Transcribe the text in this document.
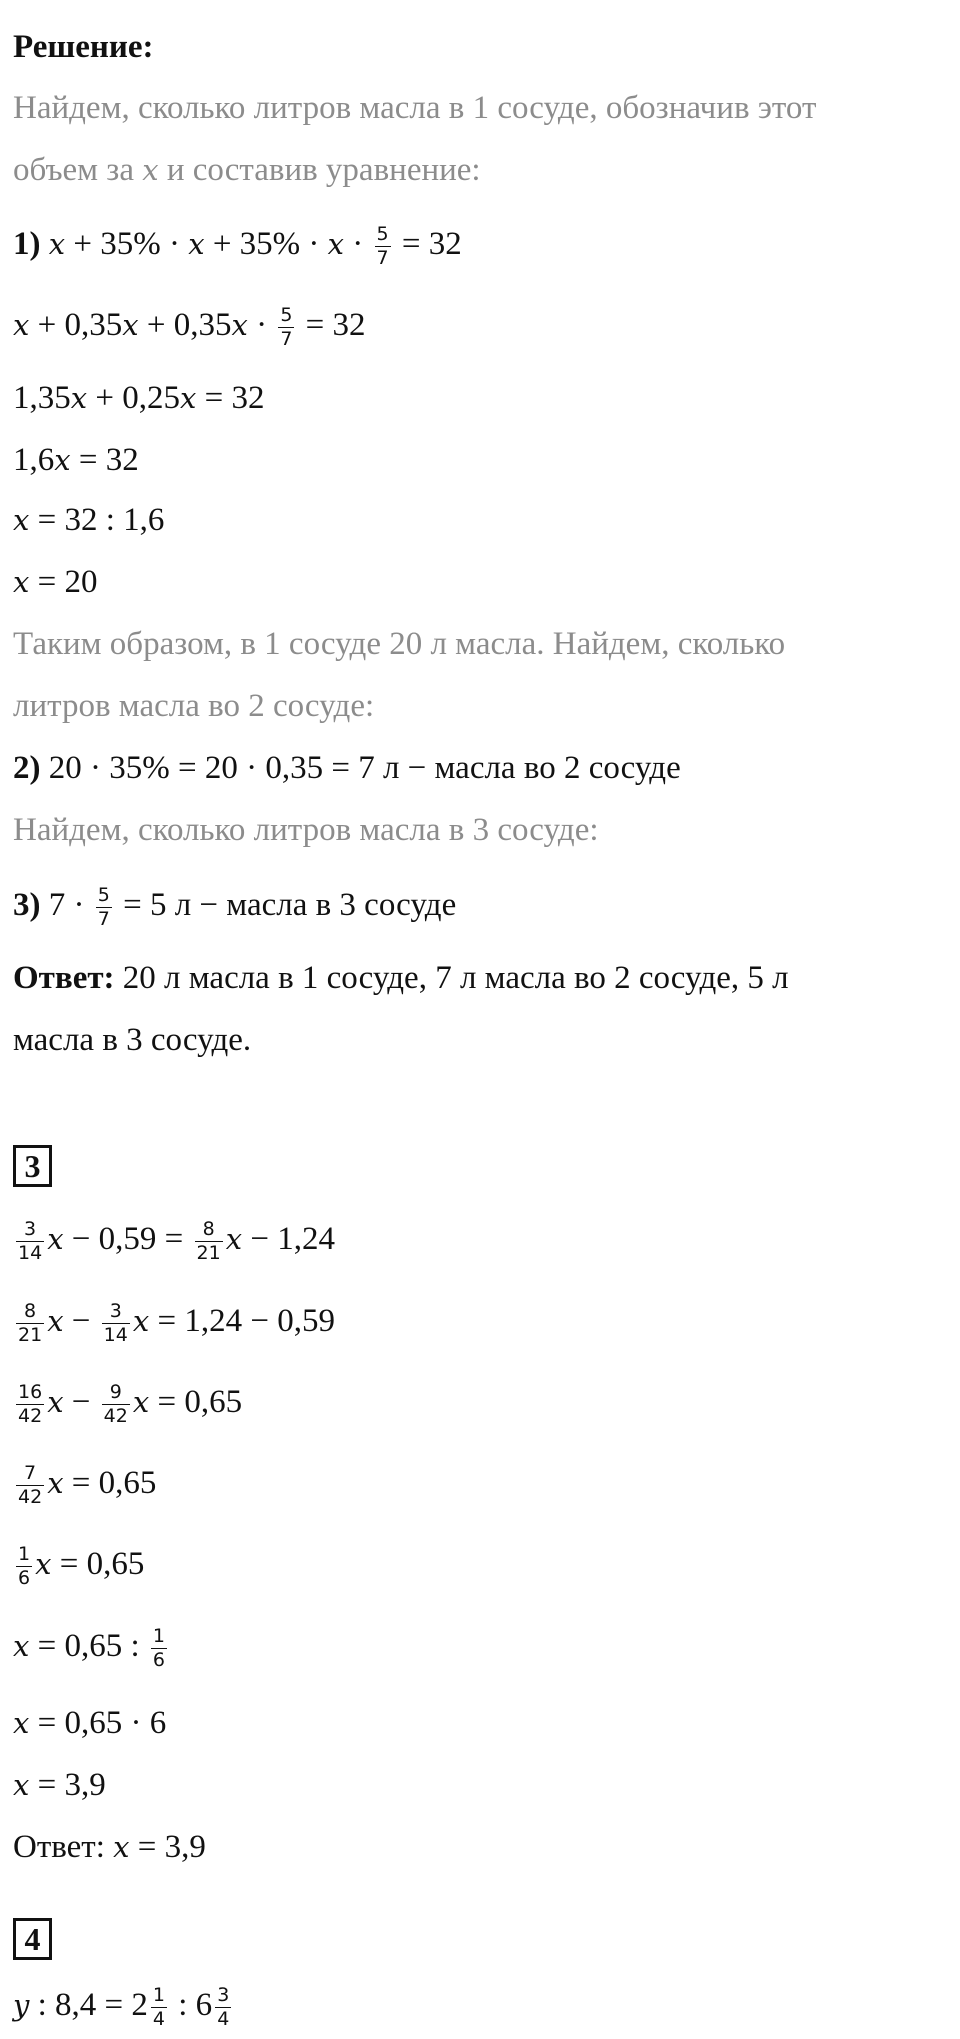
Решение:
Найдем, сколько литров масла в 1 сосуде, обозначив этот
объем за x и составив уравнение:
1) $x + 35\% \cdot x + 35\% \cdot x \cdot \frac{5}{7} = 32$
$x + 0,35x + 0,35x \cdot \frac{5}{7} = 32$
1,35x + 0,25x = 32
1,6x = 32
x = 32 : 1,6
x = 20
Таким образом, в 1 сосуде 20 л масла. Найдем, сколько
литров масла во 2 сосуде:
2) 20 · 35% = 20 · 0,35 = 7 л − масла во 2 сосуде
Найдем, сколько литров масла в 3 сосуде:
3) $7 \cdot \frac{5}{7} = 5$ л − масла в 3 сосуде
Ответ: 20 л масла в 1 сосуде, 7 л масла во 2 сосуде, 5 л
масла в 3 сосуде.
3
$\frac{3}{14}$ $x - 0,59 = \frac{8}{21}$ x − 1,24
$\frac{8}{21}$ $x - \frac{3}{14}$ x = 1,24 − 0,59
$\frac{16}{42}$ $x - \frac{9}{42}$ x = 0,65
$\frac{7}{42}$ x = 0,65
$\frac{1}{6}$ x = 0,65
x = 0,65 : $\frac{1}{6}$
x = 0,65 · 6
x = 3,9
Ответ: x = 3,9
4
y : $8,4 = 2 \frac{1}{4}$ : $6 \frac{3}{4}$
